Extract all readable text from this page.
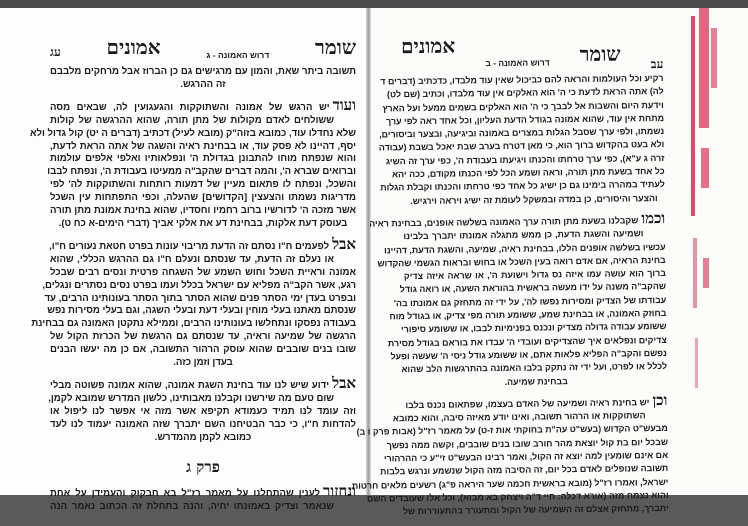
שומר
דרוש האמונה - ג
אמונים
עג
תשובה ביתר שאת, והמון עם מרגישים גם כן הברוז אבל מרחקים מלבבם
זה ההרגש.
ועודיש הרגש של אמונה והשתוקקות והגעגועין לה, שבאים מסה
ששולחים לאדם מקולות של מתן תורה, שהוא ההרגשה של קולות
שלא נחדלו עוד, כמובא בזוה"ק (מובא לעיל) דכתיב (דברים ה יט) קול גדול ולא
יסף, דהיינו לא פסק עוד, או בבחינת ראיה והשגה של אתה הראת לדעת,
והוא שנפתח מוחו להתבונן בגדולת ה' ונפלאותיו ואלפי אלפים עולמות
וברואים שברא ה', והמה דברים שהקב"ה ממעיטו בעבודת ה', ונפתח לבבו
והשכל, ונפתח לו פתאום מעיין של דמעות רותחות והשתוקקות לה' לפי
מדריגות נשמתו והצעצין [הקדושים] שהעלה, וכפי התפתחות עין השכל
אשר מזכה ה' לדורשיו ברוב רחמיו וחסדיו, שהוא בחינת אמונת מתן תורה
בעוסק דעת אלקות, בבחינת דע את אלקי אביך (דברי הימים-א כח ט).
אבללפעמים ח"ו נסתם זה הדעת מריבוי עונות בפרט חטאת נעורים ח"ו,
או נעלם זה הדעת, עד שנסתם ונעלם ח"ו גם ההרגש הכללי, שהוא
אמונה וראיית השכל וחוש השמע של השגחה פרטית ונסים רבים שבכל
רגע, אשר הקב"ה מפליא עם ישראל בכלל ועמו בפרט נסים נסתרים ונגלים,
ובפרט בעדן ימי הסתר פנים שהוא הסתר בתוך הסתר בעונותינו הרבים, עד
שנסתם מאתנו בעלי מוחין ובעלי דעת ובעלי השגה, וגם בעלי מסירות נפש
בעבודה נפסקו ונתחלשו בעונותינו הרבים, וממילא נתקטן האמונה גם בבחינת
הרגשה של שמיעה וראיה, עד שנסתם גם הרגשת של הכרזת הקול של
שובו בנים שובבים שהוא עוסק הרהור התשובה, אם כן מה יעשו הבנים
בעדן וזמן כזה.
אבלידוע שיש לנו עוד בחינת השגת אמונה, שהוא אמונה פשוטה מבלי
שום טעם מה שירשנו וקבלנו מאבותינו, כלשון המדרש שמובא לקמן,
וזה עומד לנו תמיד כעמודא תקיפא אשר מזה אי אפשר לנו ליפול או
להדחות ח"ו, כי כבר הבטיחנו השם יתברך שזה האמונה יעמוד לנו לעד
כמובא לקמן מהמדרש.
פרק ג
ונחזורלענין שהתחלנו על מאמר רז"ל בא חבקוק והעמידן על אחת
שנאמר וצדיק באמונתו יחיה, והנה בתחלת זה הכתוב נאמר הנה
עב
שומר
דרוש האמונה - ב
אמונים
רקיע וכל העולמות והראה להם כביכול שאין עוד מלבדו, כדכתיב (דברים ד
לה) אתה הראת לדעת כי ה' הוא האלקים אין עוד מלבדו, וכתיב (שם לט)
וידעת היום והשבות אל לבבך כי ה' הוא האלקים בשמים ממעל ועל הארץ
מתחת אין עוד, שהוא אמונה בגודל הדעת העליון, וכל אחד ראה לפי ערך
נשמתו, ולפי ערך שסבל הגלות במצרים באמונה וביגיעה, ובצער וביסורים,
ולא בעט בהקדוש ברוך הוא, כי מאן דטרח בערב שבת יאכל בשבת (עבודה
זרה ג ע"א), כפי ערך טרחתו והכנתו ויגיעתו בעבודת ה', כפי ערך זה השיג
כל אחד בשעת מתן תורה, וראה ושמע הכל לפי הכנתו מקודם, ככה יהא
לעתיד במהרה בימינו גם כן ישיג כל אחד כפי טרחתו והכנתו וקבלת הגלות
והצער והיסורים, כן במדה ובמשקל לעומת זה ישיג ויראה וירגיש.
וכמושקבלנו בשעת מתן תורה ערך האמונה בשלשה אופנים, בבחינת ראיה
ושמיעה והשגת הדעת, כן ממש מתגלה אמונתו יתברך בלבינו
עכשיו בשלשה אופנים הללו, בבחינת ראיה, שמיעה, והשגת הדעת, דהיינו
בחינת הראיה, אם אדם רואה בעין השכל או בחוש ובראות הגשמי שהקדוש
ברוך הוא עושה עמו איזה נס גדול וישועת ה', או שראה איזה צדיק
שהקב"ה משנה על ידו מעשה בראשית בהוראת השעה, או רואה גודל
עבודתו של הצדיק ומסירות נפשו לה', על ידי זה מתחזק גם אמונתו בה'
בחוזק האמונה, או בבחינת שמע, ששומע תורה מפי צדיק, או בגודל מוח
ששומע עבודה גדולה מצדיק ונכנס בפנימיות לבבו, או ששומע סיפורי
צדיקים ונפלאים איך שהצדיקים ועובדי ה' עבדו את בוראם בגודל מסירת
נפשם והקב"ה הפליא פלאות אתם, או ששומע גודל ניסי ה' שעשה ופעל
לכלל או לפרט, ועל ידי זה נתקק בלבו האמונה בהתרגשות הלב שהוא
בבחינת שמיעה.
וכןיש בחינת ראיה ושמיעה של האדם בעצמו, שפתאום נכנס בלבו
השתוקקות או הרהור תשובה, ואינו יודע מאיזה סיבה, והוא כמובא
מבעש"ט הקדוש (בעש"ט עה"ת בחוקתי אות ז-ט) על מאמר רז"ל (אבות פרק ו ב)
שבכל יום בת קול יוצאת מהר חורב שובו בנים שובבים, וקשה ממה נפשך
אם אינם שומעין למה יוצא זה הקול, ואמר רבינו הבעש"ט זי"ע כי ההרהורי
תשובה שנופלים לאדם בכל יום, זה הסיבה מזה הקול שנשמע ונרגש בלבות
ישראל, ואמרו רז"ל (מובא בראשית חכמה שער היראה פ"ג) רשעים מלאים חרטות,
והוא נצמח מזה (אורא דכלה: חיי ד"ה ויצחק בא מבוא), וכל אלו שעובדים השם
יתברך, מתחזק אצלם זה השמיעה של הקול ומתעורר בהתעוררות של
